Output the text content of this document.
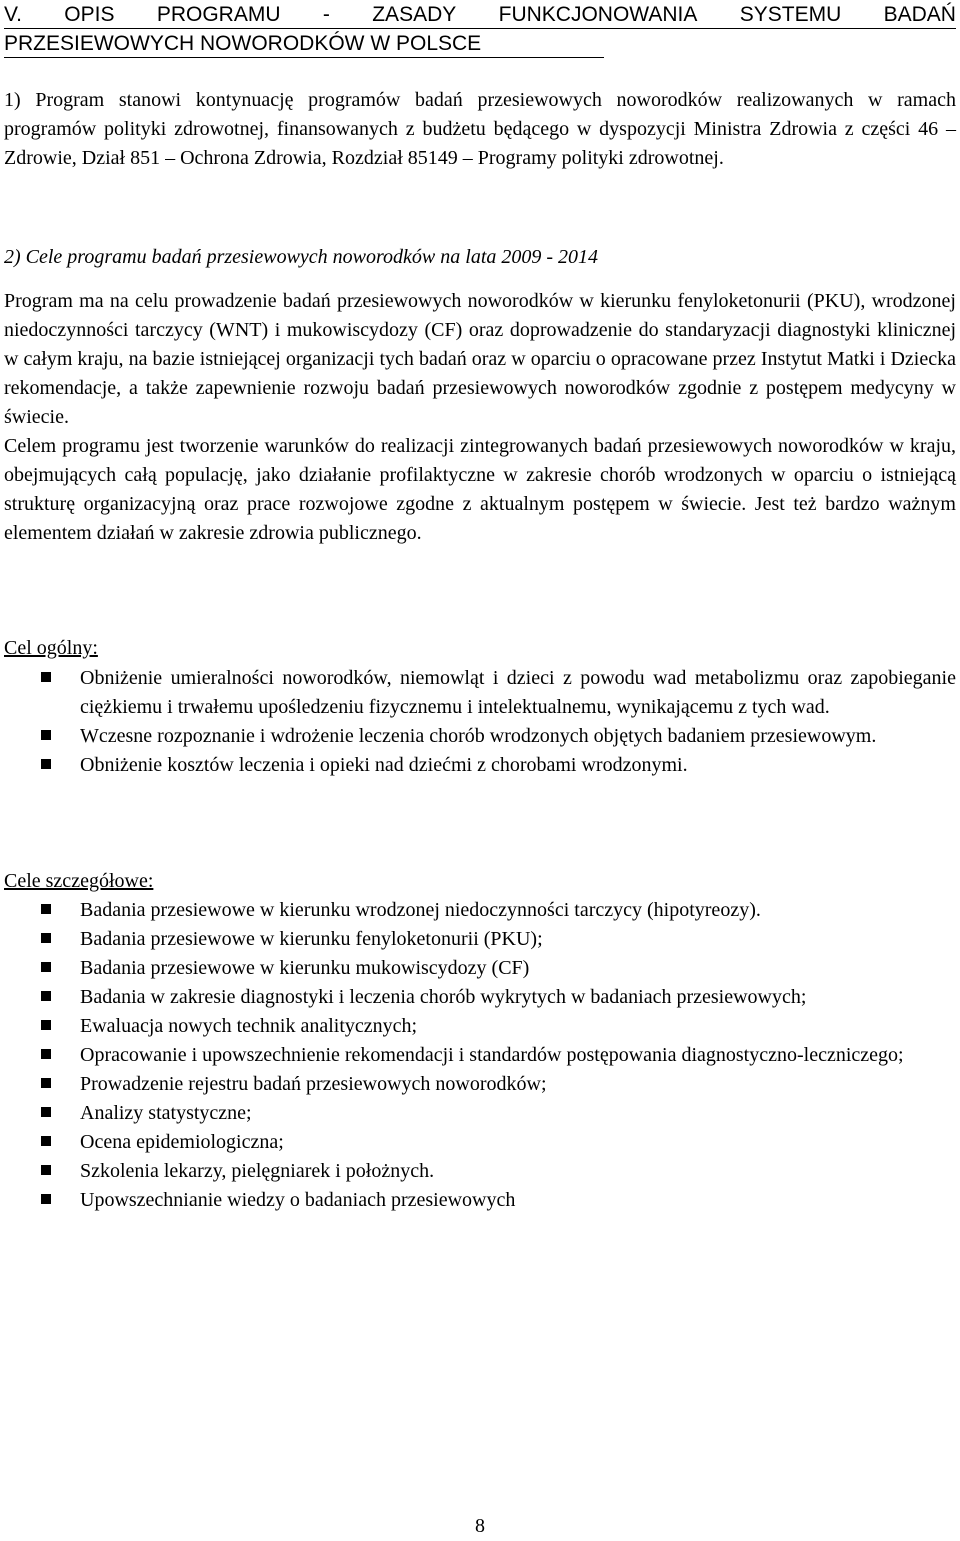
V. OPIS PROGRAMU - ZASADY FUNKCJONOWANIA SYSTEMU BADAŃ
PRZESIEWOWYCH NOWORODKÓW W POLSCE

1) Program stanowi kontynuację programów badań przesiewowych noworodków realizowanych w ramach programów polityki zdrowotnej, finansowanych z budżetu będącego w dyspozycji Ministra Zdrowia z części 46 – Zdrowie, Dział 851 – Ochrona Zdrowia, Rozdział 85149 – Programy polityki zdrowotnej.

2) Cele programu badań przesiewowych noworodków na lata 2009 - 2014

Program ma na celu prowadzenie badań przesiewowych noworodków w kierunku fenyloketonurii (PKU), wrodzonej niedoczynności tarczycy (WNT) i mukowiscydozy (CF) oraz doprowadzenie do standaryzacji diagnostyki klinicznej w całym kraju, na bazie istniejącej organizacji tych badań oraz w oparciu o opracowane przez Instytut Matki i Dziecka rekomendacje, a także zapewnienie rozwoju badań przesiewowych noworodków zgodnie z postępem medycyny w świecie.

Celem programu jest tworzenie warunków do realizacji zintegrowanych badań przesiewowych noworodków w kraju, obejmujących całą populację, jako działanie profilaktyczne w zakresie chorób wrodzonych w oparciu o istniejącą strukturę organizacyjną oraz prace rozwojowe zgodne z aktualnym postępem w świecie. Jest też bardzo ważnym elementem działań w zakresie zdrowia publicznego.

Cel ogólny:

Obniżenie umieralności noworodków, niemowląt i dzieci z powodu wad metabolizmu oraz zapobieganie ciężkiemu i trwałemu upośledzeniu fizycznemu i intelektualnemu, wynikającemu z tych wad.
Wczesne rozpoznanie i wdrożenie leczenia chorób wrodzonych objętych badaniem przesiewowym.
Obniżenie kosztów leczenia i opieki nad dziećmi z chorobami wrodzonymi.

Cele szczegółowe:

Badania przesiewowe w kierunku wrodzonej niedoczynności tarczycy (hipotyreozy).
Badania przesiewowe w kierunku fenyloketonurii (PKU);
Badania przesiewowe w kierunku mukowiscydozy (CF)
Badania w zakresie diagnostyki i leczenia chorób wykrytych w badaniach przesiewowych;
Ewaluacja nowych technik analitycznych;
Opracowanie i upowszechnienie rekomendacji i standardów postępowania diagnostyczno-leczniczego;
Prowadzenie rejestru badań przesiewowych noworodków;
Analizy statystyczne;
Ocena epidemiologiczna;
Szkolenia lekarzy, pielęgniarek i położnych.
Upowszechnianie wiedzy o badaniach przesiewowych
8
